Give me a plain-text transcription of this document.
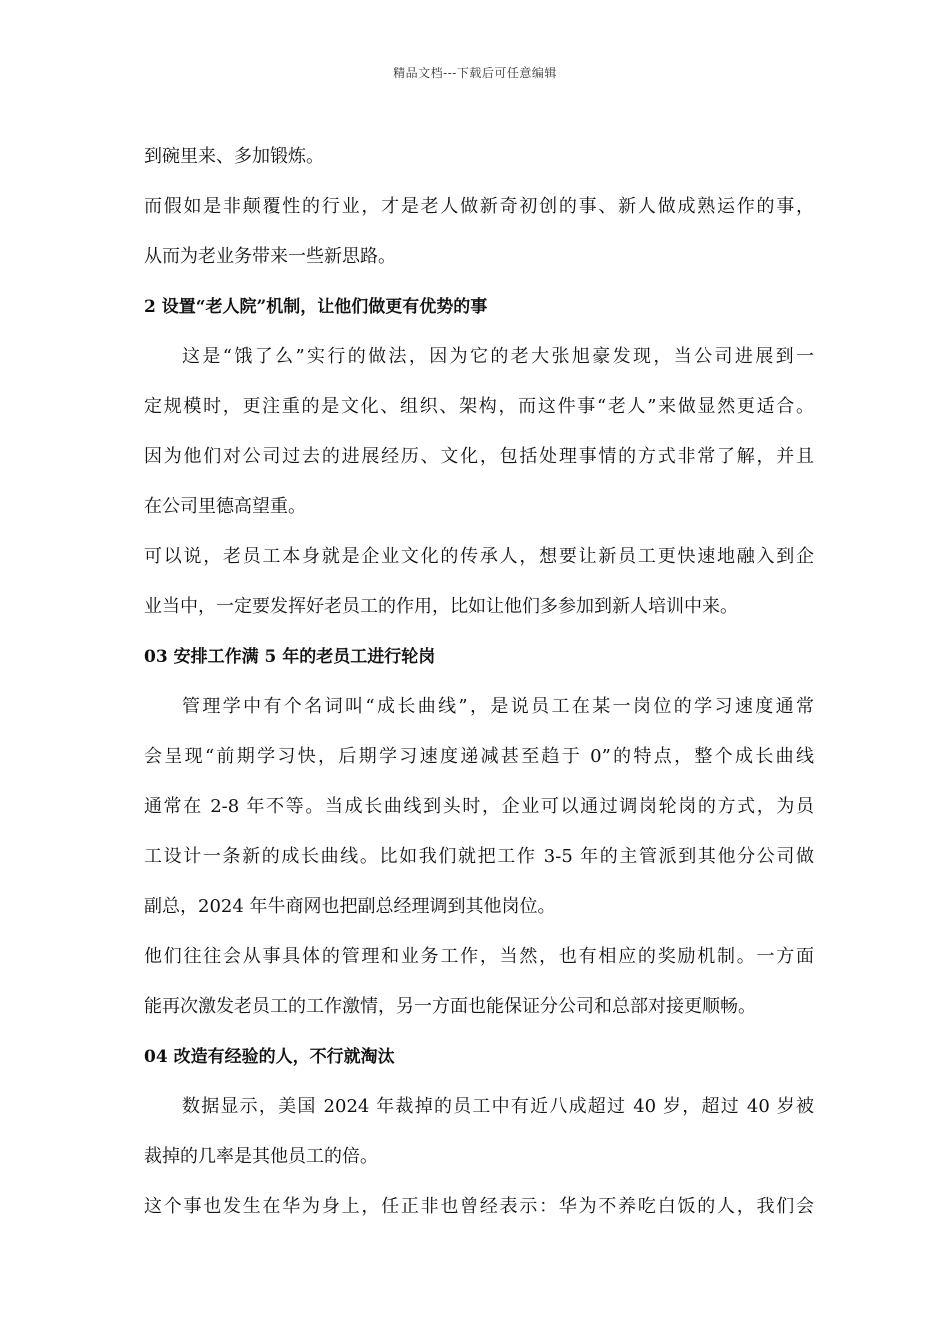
精品文档---下载后可任意编辑
到碗里来、多加锻炼。
而假如是非颠覆性的行业，才是老人做新奇初创的事、新人做成熟运作的事，
从而为老业务带来一些新思路。
2 设置“老人院”机制，让他们做更有优势的事
这是“饿了么”实行的做法，因为它的老大张旭豪发现，当公司进展到一
定规模时，更注重的是文化、组织、架构，而这件事“老人”来做显然更适合。
因为他们对公司过去的进展经历、文化，包括处理事情的方式非常了解，并且
在公司里德高望重。
可以说，老员工本身就是企业文化的传承人，想要让新员工更快速地融入到企
业当中，一定要发挥好老员工的作用，比如让他们多参加到新人培训中来。
03 安排工作满 5 年的老员工进行轮岗
管理学中有个名词叫“成长曲线”，是说员工在某一岗位的学习速度通常
会呈现“前期学习快，后期学习速度递减甚至趋于 0”的特点，整个成长曲线
通常在 2-8 年不等。当成长曲线到头时，企业可以通过调岗轮岗的方式，为员
工设计一条新的成长曲线。比如我们就把工作 3-5 年的主管派到其他分公司做
副总，2024 年牛商网也把副总经理调到其他岗位。
他们往往会从事具体的管理和业务工作，当然，也有相应的奖励机制。一方面
能再次激发老员工的工作激情，另一方面也能保证分公司和总部对接更顺畅。
04 改造有经验的人，不行就淘汰
数据显示，美国 2024 年裁掉的员工中有近八成超过 40 岁，超过 40 岁被
裁掉的几率是其他员工的倍。
这个事也发生在华为身上，任正非也曾经表示：华为不养吃白饭的人，我们会
